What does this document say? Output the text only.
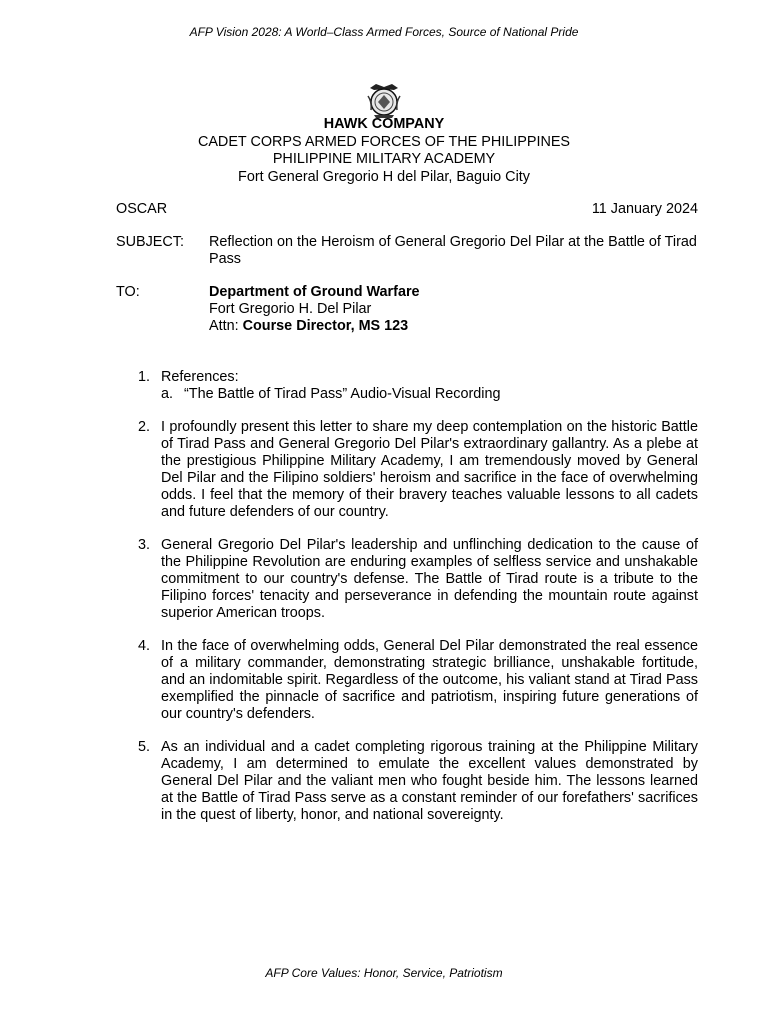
AFP Vision 2028: A World–Class Armed Forces, Source of National Pride
HAWK COMPANY
CADET CORPS ARMED FORCES OF THE PHILIPPINES
PHILIPPINE MILITARY ACADEMY
Fort General Gregorio H del Pilar, Baguio City
OSCAR	11 January 2024
SUBJECT: Reflection on the Heroism of General Gregorio Del Pilar at the Battle of Tirad Pass
TO:	Department of Ground Warfare
Fort Gregorio H. Del Pilar
Attn: Course Director, MS 123
1. References:
a. “The Battle of Tirad Pass” Audio-Visual Recording
2. I profoundly present this letter to share my deep contemplation on the historic Battle of Tirad Pass and General Gregorio Del Pilar's extraordinary gallantry. As a plebe at the prestigious Philippine Military Academy, I am tremendously moved by General Del Pilar and the Filipino soldiers' heroism and sacrifice in the face of overwhelming odds. I feel that the memory of their bravery teaches valuable lessons to all cadets and future defenders of our country.
3. General Gregorio Del Pilar's leadership and unflinching dedication to the cause of the Philippine Revolution are enduring examples of selfless service and unshakable commitment to our country's defense. The Battle of Tirad route is a tribute to the Filipino forces' tenacity and perseverance in defending the mountain route against superior American troops.
4. In the face of overwhelming odds, General Del Pilar demonstrated the real essence of a military commander, demonstrating strategic brilliance, unshakable fortitude, and an indomitable spirit. Regardless of the outcome, his valiant stand at Tirad Pass exemplified the pinnacle of sacrifice and patriotism, inspiring future generations of our country's defenders.
5. As an individual and a cadet completing rigorous training at the Philippine Military Academy, I am determined to emulate the excellent values demonstrated by General Del Pilar and the valiant men who fought beside him. The lessons learned at the Battle of Tirad Pass serve as a constant reminder of our forefathers' sacrifices in the quest of liberty, honor, and national sovereignty.
AFP Core Values: Honor, Service, Patriotism
